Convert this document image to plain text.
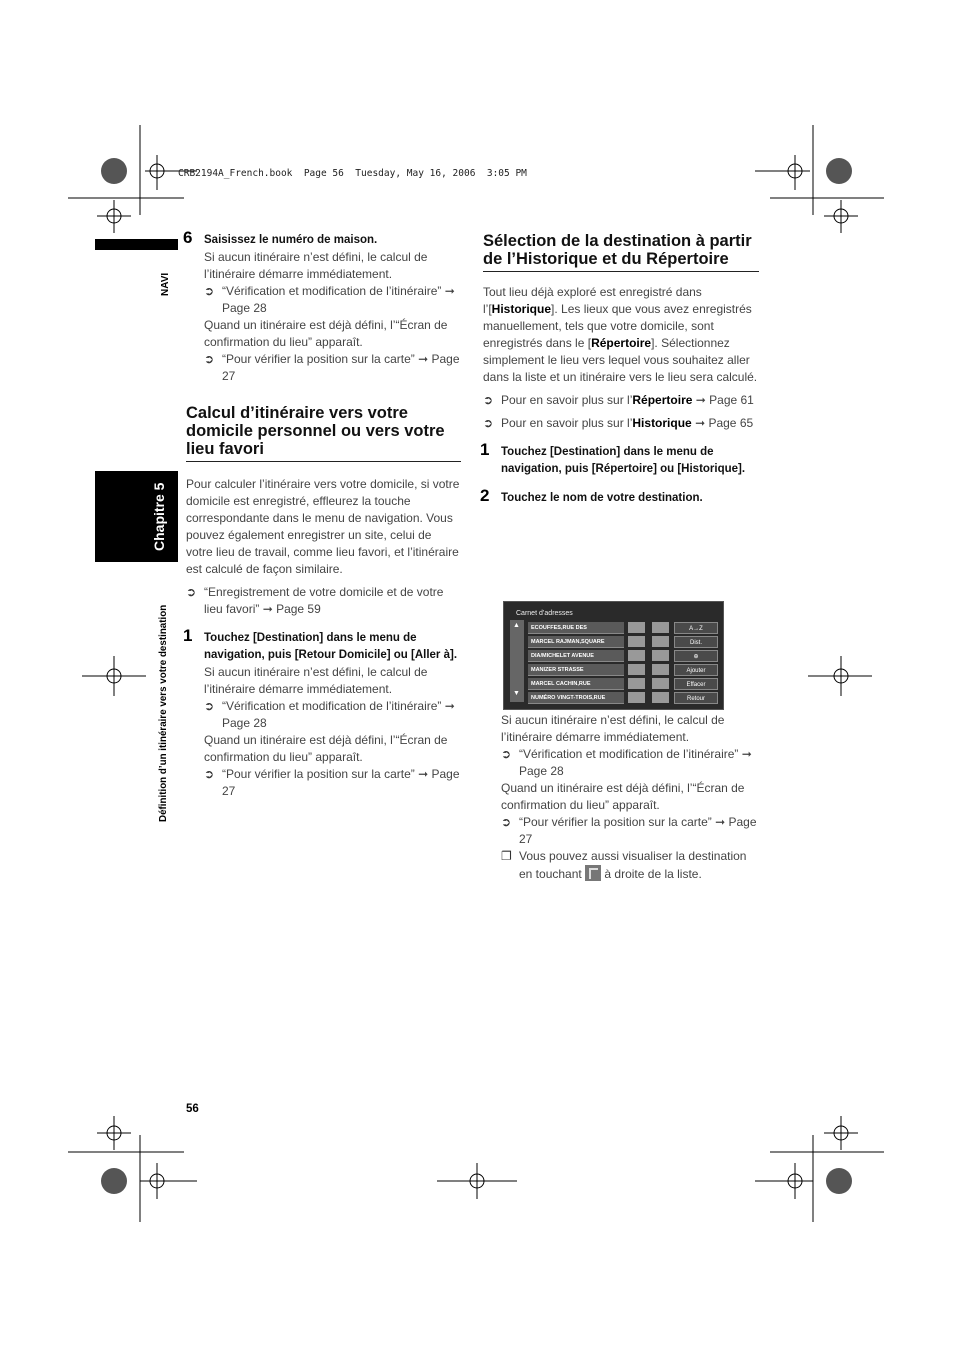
CRB2194A_French.book  Page 56  Tuesday, May 16, 2006  3:05 PM
NAVI
Chapitre 5
Définition d’un itinéraire vers votre destination
56
6 Saisissez le numéro de maison.

Si aucun itinéraire n’est défini, le calcul de l’itinéraire démarre immédiatement.

➲ “Vérification et modification de l’itinéraire” ➞ Page 28

Quand un itinéraire est déjà défini, l’“Écran de confirmation du lieu” apparaît.

➲ “Pour vérifier la position sur la carte” ➞ Page 27

Calcul d’itinéraire vers votre domicile personnel ou vers votre lieu favori

Pour calculer l’itinéraire vers votre domicile, si votre domicile est enregistré, effleurez la touche correspondante dans le menu de navigation. Vous pouvez également enregistrer un site, celui de votre lieu de travail, comme lieu favori, et l’itinéraire est calculé de façon similaire.

➲ “Enregistrement de votre domicile et de votre lieu favori” ➞ Page 59

1 Touchez [Destination] dans le menu de navigation, puis [Retour Domicile] ou [Aller à].

Si aucun itinéraire n’est défini, le calcul de l’itinéraire démarre immédiatement.

➲ “Vérification et modification de l’itinéraire” ➞ Page 28

Quand un itinéraire est déjà défini, l’“Écran de confirmation du lieu” apparaît.

➲ “Pour vérifier la position sur la carte” ➞ Page 27

Sélection de la destination à partir de l’Historique et du Répertoire

Tout lieu déjà exploré est enregistré dans l’[Historique]. Les lieux que vous avez enregistrés manuellement, tels que votre domicile, sont enregistrés dans le [Répertoire]. Sélectionnez simplement le lieu vers lequel vous souhaitez aller dans la liste et un itinéraire vers le lieu sera calculé.

➲ Pour en savoir plus sur l’Répertoire ➞ Page 61

➲ Pour en savoir plus sur l’Historique ➞ Page 65

1 Touchez [Destination] dans le menu de navigation, puis [Répertoire] ou [Historique].

2 Touchez le nom de votre destination.

Carnet d’adresses
▲
▼
ECOUFFES,RUE DES
MARCEL RAJMAN,SQUARE
DIA/MICHELET AVENUE
MANIZER STRASSE
MARCEL CACHIN,RUE
NUMÉRO VINGT-TROIS,RUE
A→Z
Dist.
⊕
Ajouter
Effacer
Retour

Si aucun itinéraire n’est défini, le calcul de l’itinéraire démarre immédiatement.

➲ “Vérification et modification de l’itinéraire” ➞ Page 28

Quand un itinéraire est déjà défini, l’“Écran de confirmation du lieu” apparaît.

➲ “Pour vérifier la position sur la carte” ➞ Page 27

❐ Vous pouvez aussi visualiser la destination en touchant à droite de la liste.
